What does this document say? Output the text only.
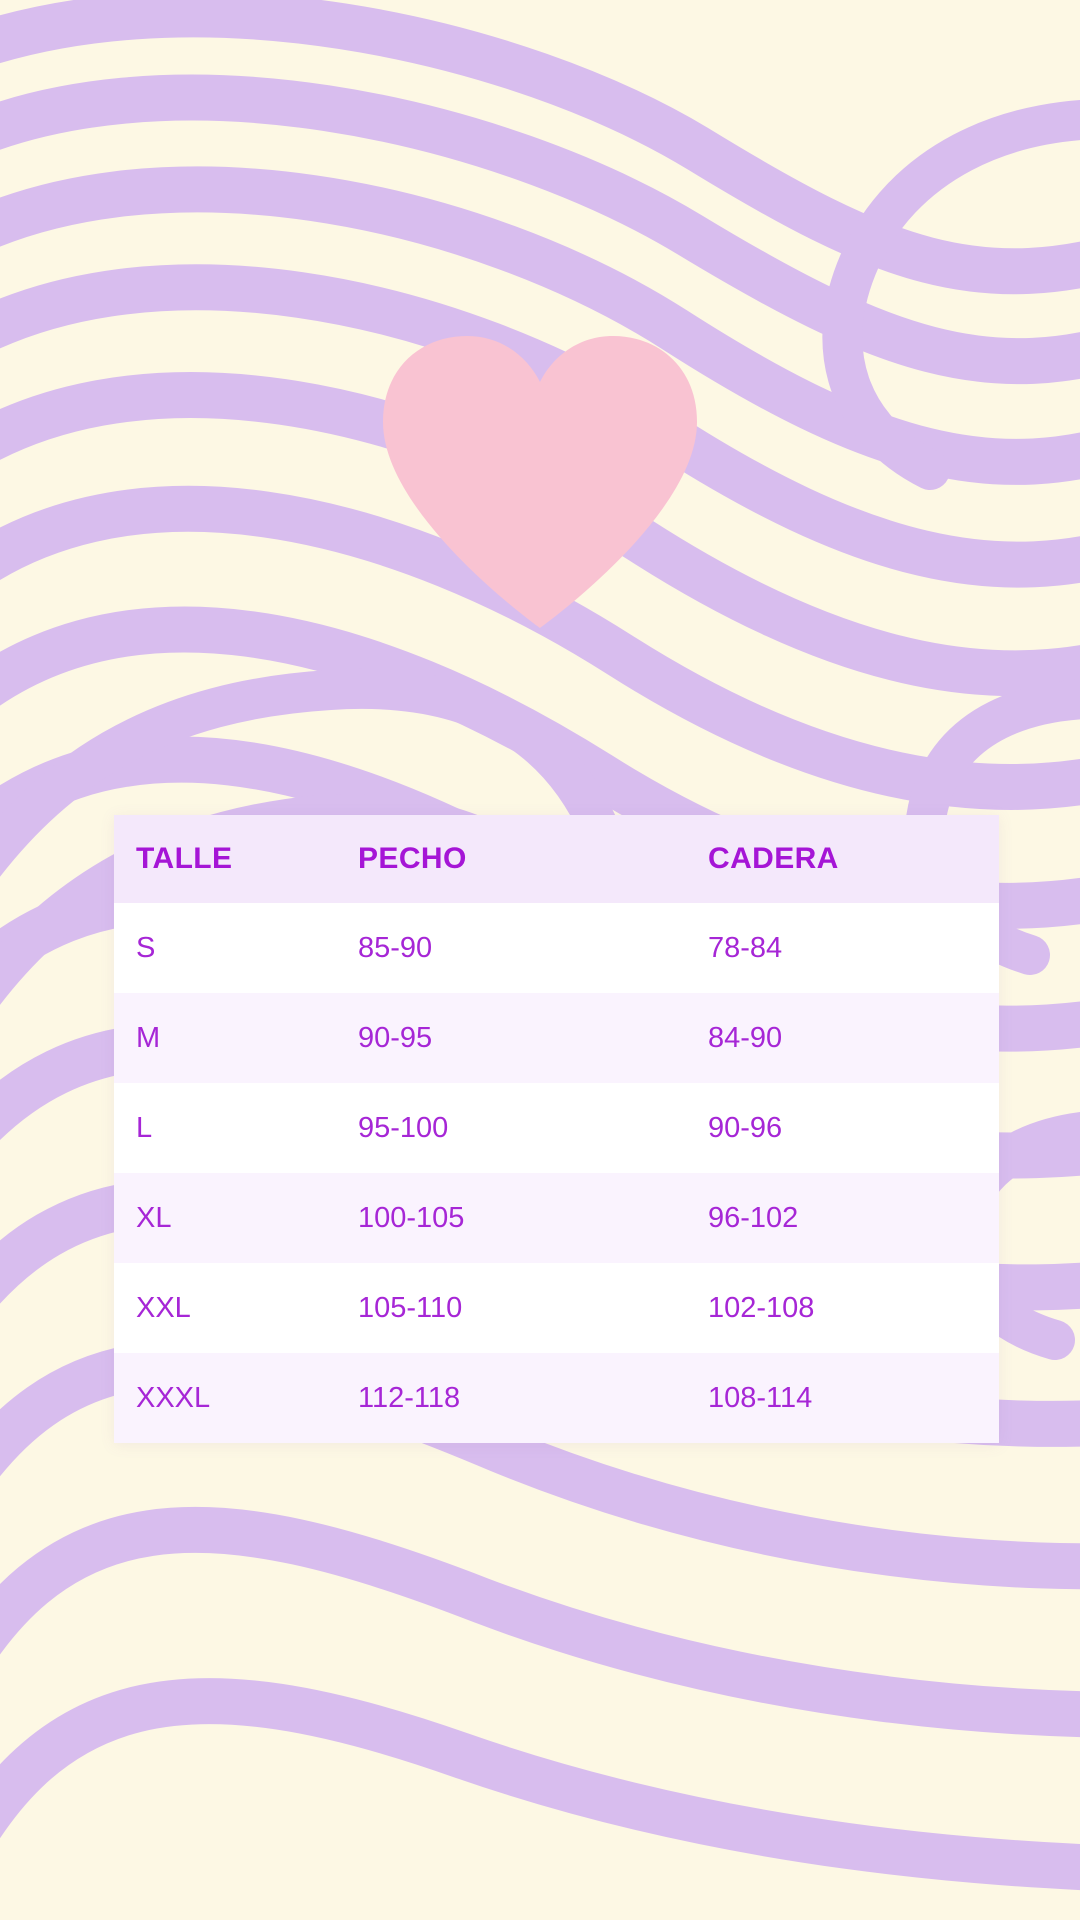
TALLE	PECHO	CADERA

S	85-90	78-84

M	90-95	84-90

L	95-100	90-96

XL	100-105	96-102

XXL	105-110	102-108

XXXL	112-118	108-114
